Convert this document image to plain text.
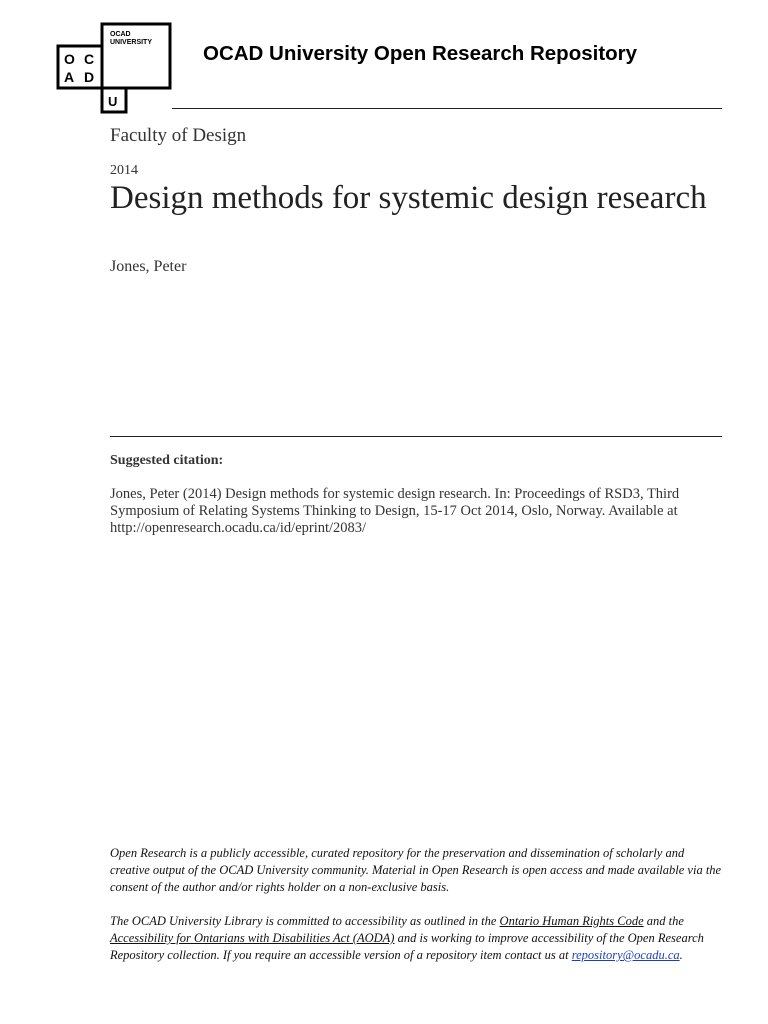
OCAD
UNIVERSITY
O C
A D
U
OCAD University Open Research Repository

Faculty of Design

2014

Design methods for systemic design research

Jones, Peter

Suggested citation:

Jones, Peter (2014) Design methods for systemic design research. In: Proceedings of RSD3, Third Symposium of Relating Systems Thinking to Design, 15-17 Oct 2014, Oslo, Norway. Available at http://openresearch.ocadu.ca/id/eprint/2083/

Open Research is a publicly accessible, curated repository for the preservation and dissemination of scholarly and creative output of the OCAD University community. Material in Open Research is open access and made available via the consent of the author and/or rights holder on a non-exclusive basis.

The OCAD University Library is committed to accessibility as outlined in the Ontario Human Rights Code and the Accessibility for Ontarians with Disabilities Act (AODA) and is working to improve accessibility of the Open Research Repository collection. If you require an accessible version of a repository item contact us at repository@ocadu.ca.
